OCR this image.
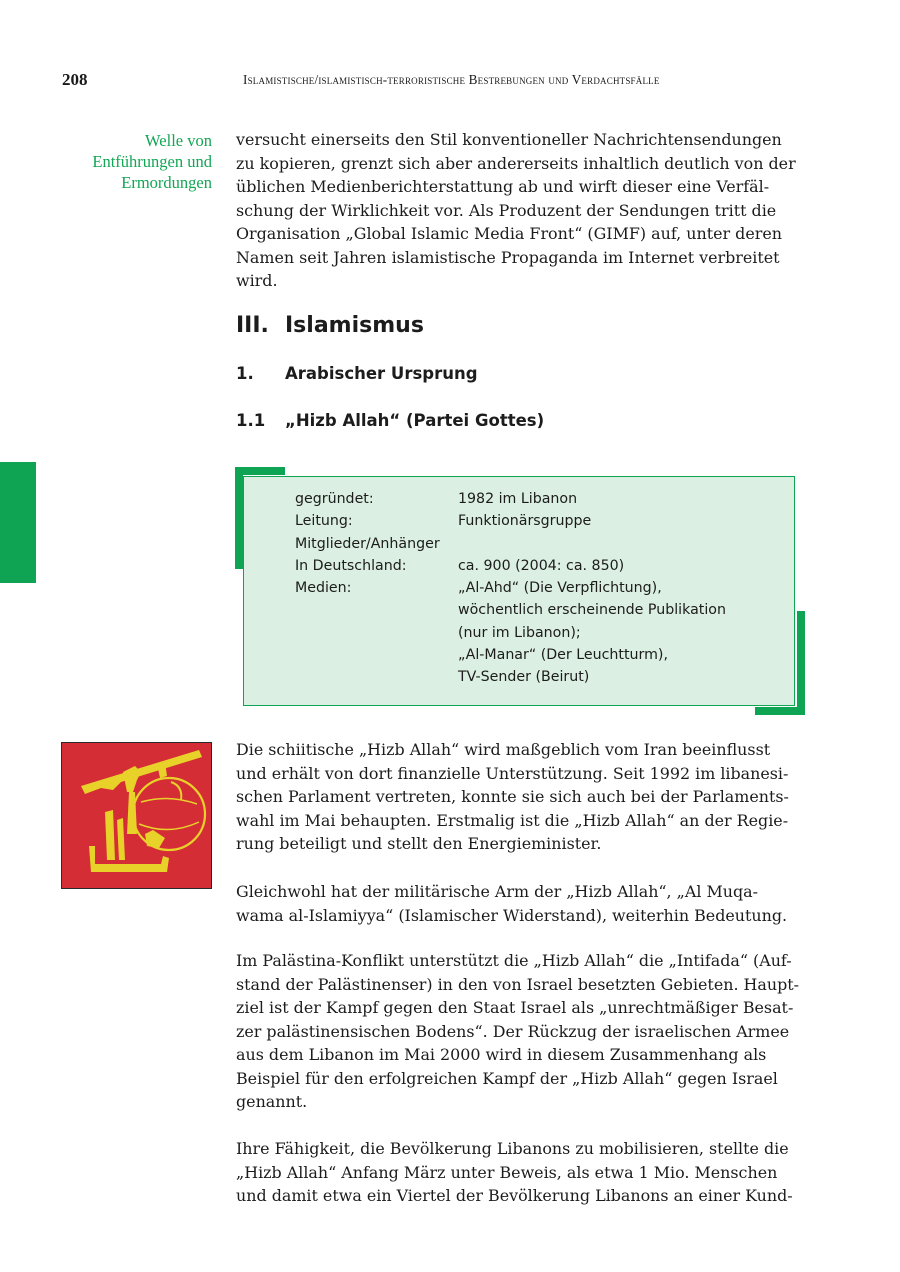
208	Islamistische/islamistisch-terroristische Bestrebungen und Verdachtsfälle
Welle von
Entführungen und
Ermordungen
versucht einerseits den Stil konventioneller Nachrichtensendungen
zu kopieren, grenzt sich aber andererseits inhaltlich deutlich von der
üblichen Medienberichterstattung ab und wirft dieser eine Verfäl-
schung der Wirklichkeit vor. Als Produzent der Sendungen tritt die
Organisation „Global Islamic Media Front“ (GIMF) auf, unter deren
Namen seit Jahren islamistische Propaganda im Internet verbreitet
wird.
III. Islamismus
1. Arabischer Ursprung
1.1 „Hizb Allah“ (Partei Gottes)
gegründet:	1982 im Libanon
Leitung:	Funktionärsgruppe
Mitglieder/Anhänger
In Deutschland:	ca. 900 (2004: ca. 850)
Medien:	„Al-Ahd“ (Die Verpflichtung),
wöchentlich erscheinende Publikation
(nur im Libanon);
„Al-Manar“ (Der Leuchtturm),
TV-Sender (Beirut)
Die schiitische „Hizb Allah“ wird maßgeblich vom Iran beeinflusst
und erhält von dort finanzielle Unterstützung. Seit 1992 im libanesi-
schen Parlament vertreten, konnte sie sich auch bei der Parlaments-
wahl im Mai behaupten. Erstmalig ist die „Hizb Allah“ an der Regie-
rung beteiligt und stellt den Energieminister.
Gleichwohl hat der militärische Arm der „Hizb Allah“, „Al Muqa-
wama al-Islamiyya“ (Islamischer Widerstand), weiterhin Bedeutung.
Im Palästina-Konflikt unterstützt die „Hizb Allah“ die „Intifada“ (Auf-
stand der Palästinenser) in den von Israel besetzten Gebieten. Haupt-
ziel ist der Kampf gegen den Staat Israel als „unrechtmäßiger Besat-
zer palästinensischen Bodens“. Der Rückzug der israelischen Armee
aus dem Libanon im Mai 2000 wird in diesem Zusammenhang als
Beispiel für den erfolgreichen Kampf der „Hizb Allah“ gegen Israel
genannt.
Ihre Fähigkeit, die Bevölkerung Libanons zu mobilisieren, stellte die
„Hizb Allah“ Anfang März unter Beweis, als etwa 1 Mio. Menschen
und damit etwa ein Viertel der Bevölkerung Libanons an einer Kund-
